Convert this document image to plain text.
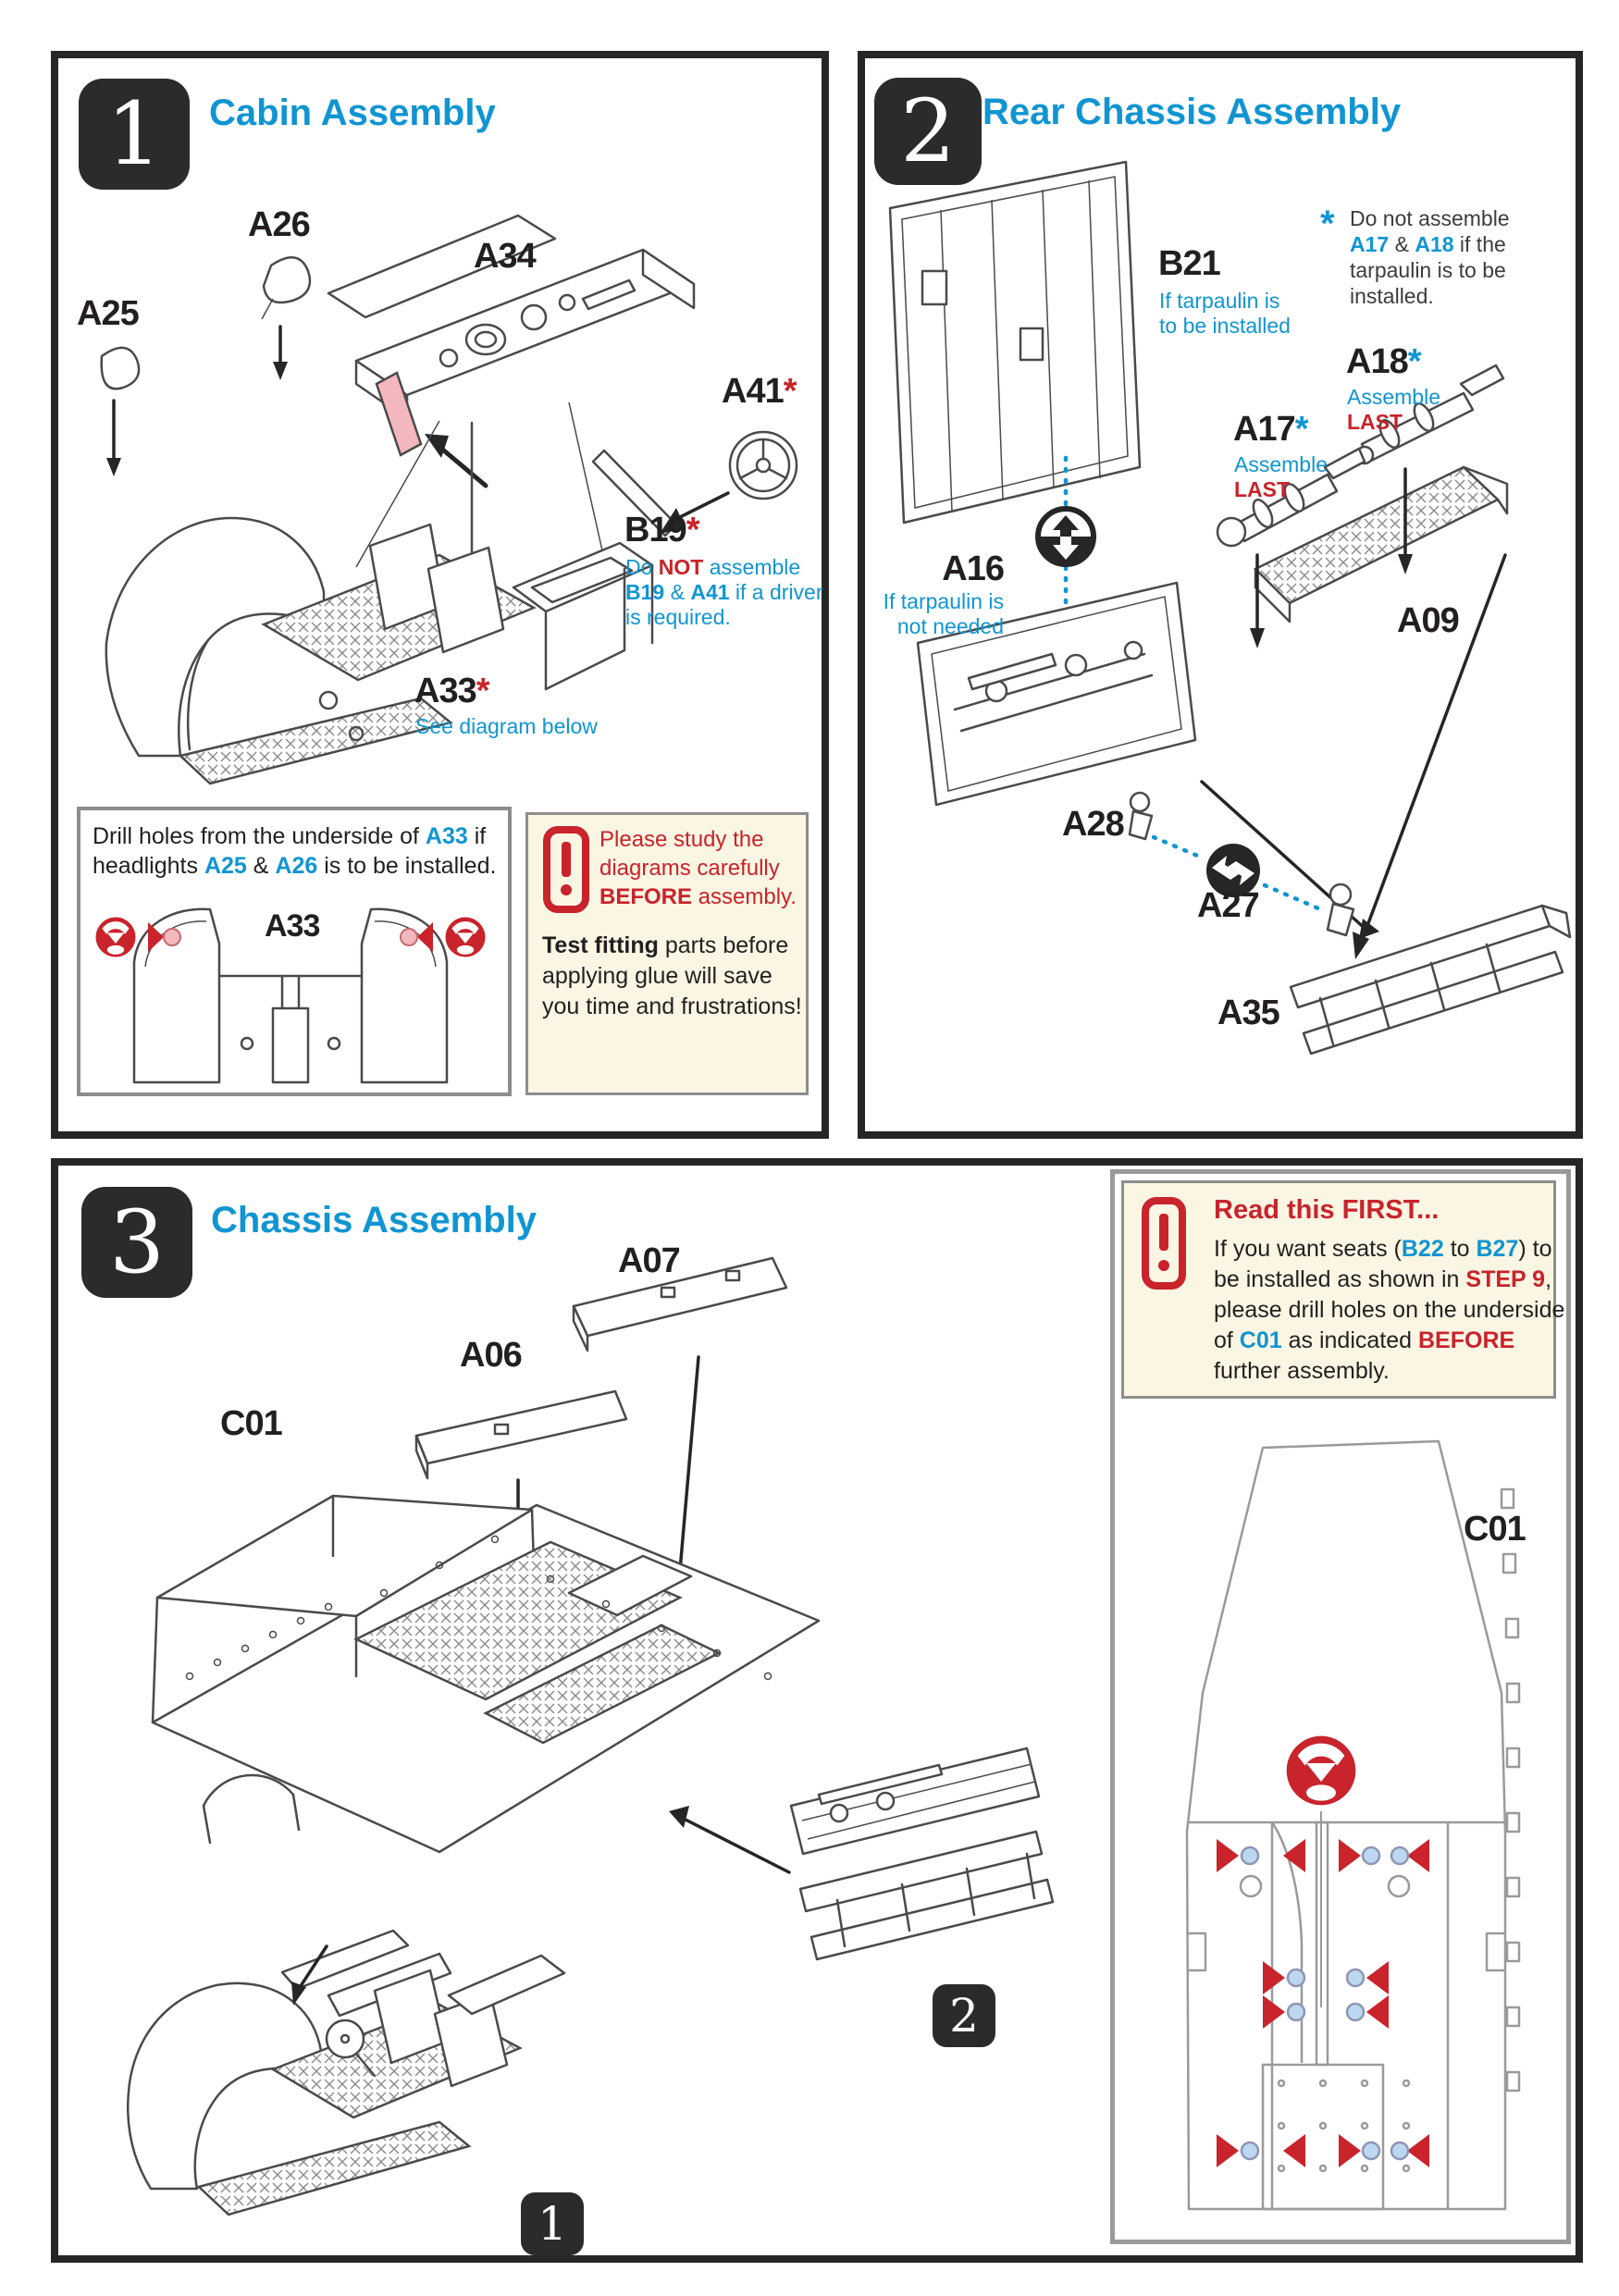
1 Cabin Assembly
A26
A25
A34
A41*
B19*
Do NOT assemble
B19 & A41 if a driver
is required.
A33*
See diagram below
Drill holes from the underside of A33 if
headlights A25 & A26 is to be installed.
A33
Please study the
diagrams carefully
BEFORE assembly.
Test fitting parts before
applying glue will save
you time and frustrations!
2 Rear Chassis Assembly
* Do not assemble
A17 & A18 if the
tarpaulin is to be
installed.
B21
If tarpaulin is
to be installed
A18*
Assemble
LAST
A17*
Assemble
LAST
A16
If tarpaulin is
not needed	A09
A28
A27
A35
3 Chassis Assembly
A07
A06
C01
1
2
Read this FIRST...
If you want seats (B22 to B27) to
be installed as shown in STEP 9,
please drill holes on the underside
of C01 as indicated BEFORE
further assembly.
C01
